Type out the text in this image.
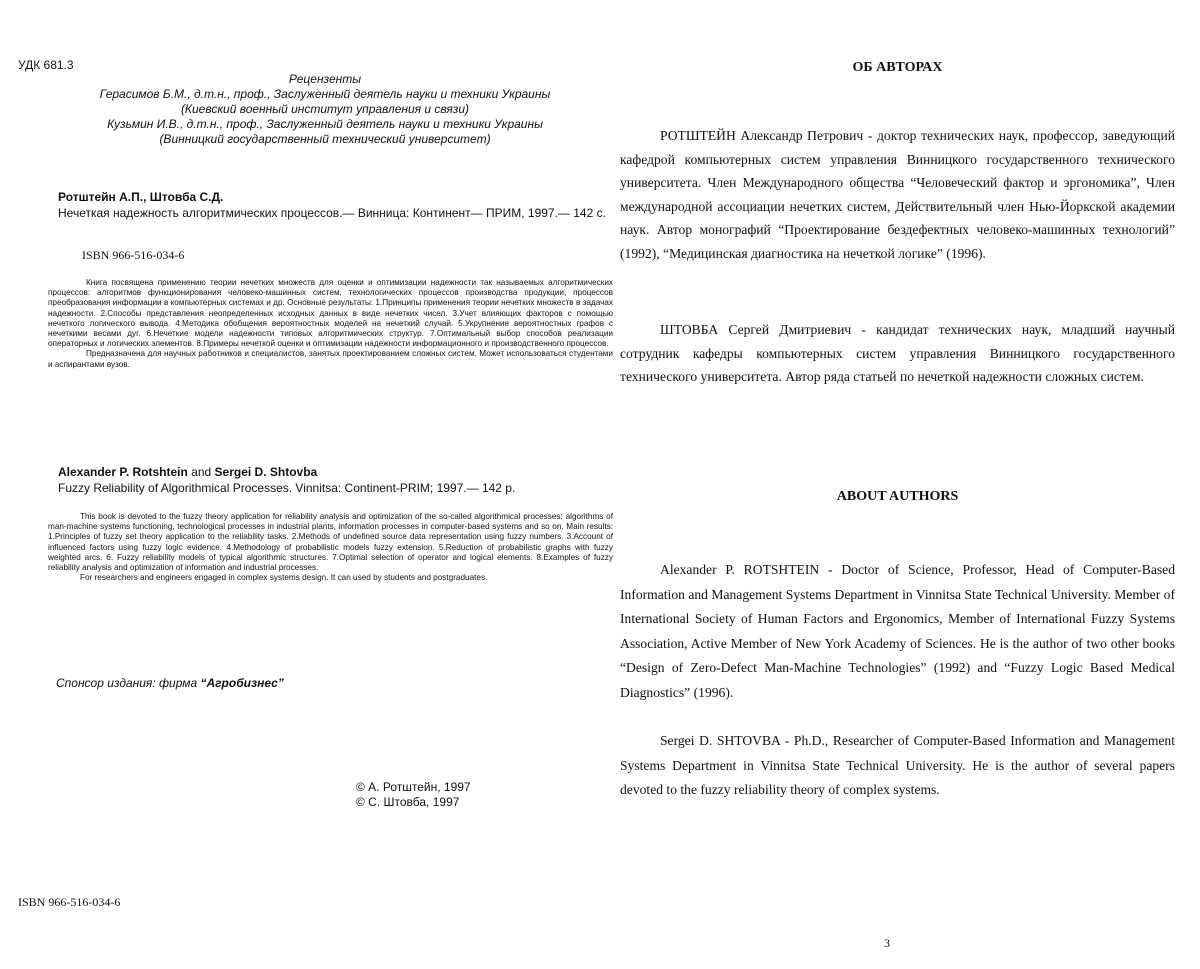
УДК 681.3
Рецензенты
Герасимов Б.М., д.т.н., проф., Заслуженный деятель науки и техники Украины
(Киевский военный институт управления и связи)
Кузьмин И.В., д.т.н., проф., Заслуженный деятель науки и техники Украины
(Винницкий государственный технический университет)
Ротштейн А.П., Штовба С.Д.
Нечеткая надежность алгоритмических процессов.— Винница: Континент— ПРИМ, 1997.— 142 с.
ISBN 966-516-034-6

Книга посвящена применению теории нечетких множеств для оценки и оптимизации надежности так называемых алгоритмических процессов: алгоритмов функционирования человеко-машинных систем, технологических процессов производства продукции, процессов преобразования информации в компьютерных системах и др. Основные результаты: 1.Принципы применения теории нечетких множеств в задачах надежности. 2.Способы представления неопределенных исходных данных в виде нечетких чисел. 3.Учет влияющих факторов с помощью нечеткого логического вывода. 4.Методика обобщения вероятностных моделей на нечеткий случай. 5.Укрупнение вероятностных графов с нечеткими весами дуг. 6.Нечеткие модели надежности типовых алгоритмических структур. 7.Оптимальный выбор способов реализации операторных и логических элементов. 8.Примеры нечеткой оценки и оптимизации надежности информационного и производственного процессов.

Предназначена для научных работников и специалистов, занятых проектированием сложных систем. Может использоваться студентами и аспирантами вузов.

Alexander P. Rotshtein and Sergei D. Shtovba
Fuzzy Reliability of Algorithmical Processes. Vinnitsa: Continent-PRIM; 1997.— 142 p.

This book is devoted to the fuzzy theory application for reliability analysis and optimization of the so-called algorithmical processes: algorithms of man-machine systems functioning, technological processes in industrial plants, information processes in computer-based systems and so on. Main results: 1.Principles of fuzzy set theory application to the reliability tasks. 2.Methods of undefined source data representation using fuzzy numbers. 3.Account of influenced factors using fuzzy logic evidence. 4.Methodology of probabilistic models fuzzy extension. 5.Reduction of probabilistic graphs with fuzzy weighted arcs. 6. Fuzzy reliability models of typical algorithmic structures. 7.Optimal selection of operator and logical elements. 8.Examples of fuzzy reliability analysis and optimization of information and industrial processes.

For researchers and engineers engaged in complex systems design. It can used by students and postgraduates.

Спонсор издания: фирма “Агробизнес”
© А. Ротштейн, 1997
© С. Штовба, 1997
ISBN 966-516-034-6
ОБ АВТОРАХ

РОТШТЕЙН Александр Петрович - доктор технических наук, профессор, заведующий кафедрой компьютерных систем управления Винницкого государственного технического университета. Член Международного общества “Человеческий фактор и эргономика”, Член международной ассоциации нечетких систем, Действительный член Нью-Йоркской академии наук. Автор монографий “Проектирование бездефектных человеко-машинных технологий” (1992), “Медицинская диагностика на нечеткой логике” (1996).

ШТОВБА Сергей Дмитриевич - кандидат технических наук, младший научный сотрудник кафедры компьютерных систем управления Винницкого государственного технического университета. Автор ряда статьей по нечеткой надежности сложных систем.

ABOUT AUTHORS

Alexander P. ROTSHTEIN - Doctor of Science, Professor, Head of Computer-Based Information and Management Systems Department in Vinnitsa State Technical University. Member of International Society of Human Factors and Ergonomics, Member of International Fuzzy Systems Association, Active Member of New York Academy of Sciences. He is the author of two other books “Design of Zero-Defect Man-Machine Technologies” (1992) and “Fuzzy Logic Based Medical Diagnostics” (1996).

Sergei D. SHTOVBA - Ph.D., Researcher of Computer-Based Information and Management Systems Department in Vinnitsa State Technical University. He is the author of several papers devoted to the fuzzy reliability theory of complex systems.

3
